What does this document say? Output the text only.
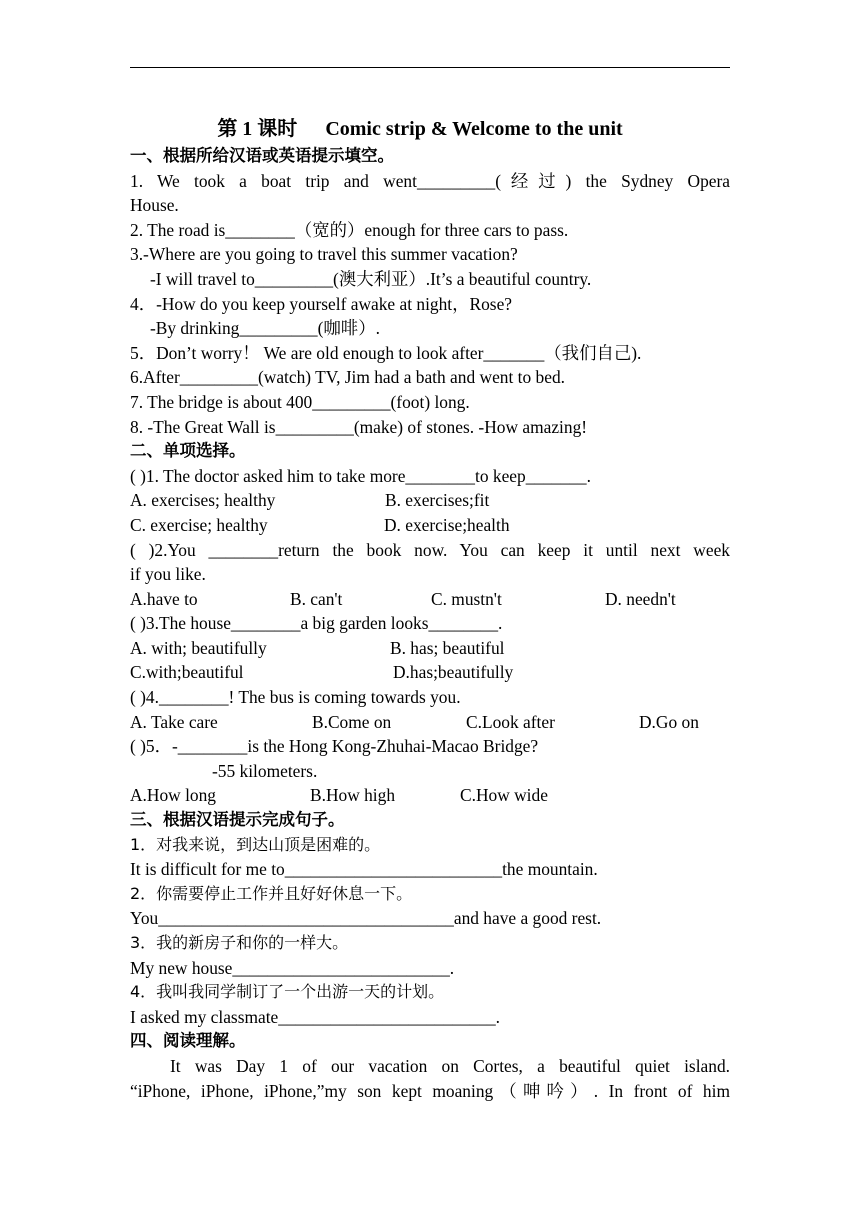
第 1 课时 Comic strip & Welcome to the unit
一、根据所给汉语或英语提示填空。
1. We took a boat trip and went_________(经过) the Sydney Opera
House.
2. The road is________（宽的）enough for three cars to pass.
3.-Where are you going to travel this summer vacation?
-I will travel to_________(澳大利亚）.It’s a beautiful country.
4．-How do you keep yourself awake at night，Rose?
-By drinking_________(咖啡）.
5．Don’t worry！ We are old enough to look after_______（我们自己).
6.After_________(watch) TV, Jim had a bath and went to bed.
7. The bridge is about 400_________(foot) long.
8. -The Great Wall is_________(make) of stones. -How amazing!
二、单项选择。
( )1. The doctor asked him to take more________to keep_______.
A. exercises; healthy	B. exercises;fit
C. exercise; healthy	D. exercise;health
( )2.You ________return the book now. You can keep it until next week
if you like.
A.have to	B. can't	C. mustn't	D. needn't
( )3.The house________a big garden looks________.
A. with; beautifully	B. has; beautiful
C.with;beautiful	D.has;beautifully
( )4.________! The bus is coming towards you.
A. Take care	B.Come on	C.Look after	D.Go on
( )5．-________is the Hong Kong-Zhuhai-Macao Bridge?
-55 kilometers.
A.How long	B.How high	C.How wide
三、根据汉语提示完成句子。
1．对我来说，到达山顶是困难的。
It is difficult for me to_________________________the mountain.
2．你需要停止工作并且好好休息一下。
You__________________________________and have a good rest.
3．我的新房子和你的一样大。
My new house_________________________.
4．我叫我同学制订了一个出游一天的计划。
I asked my classmate_________________________.
四、阅读理解。
It was Day 1 of our vacation on Cortes, a beautiful quiet island.
“iPhone, iPhone, iPhone,”my son kept moaning（呻吟）. In front of him
